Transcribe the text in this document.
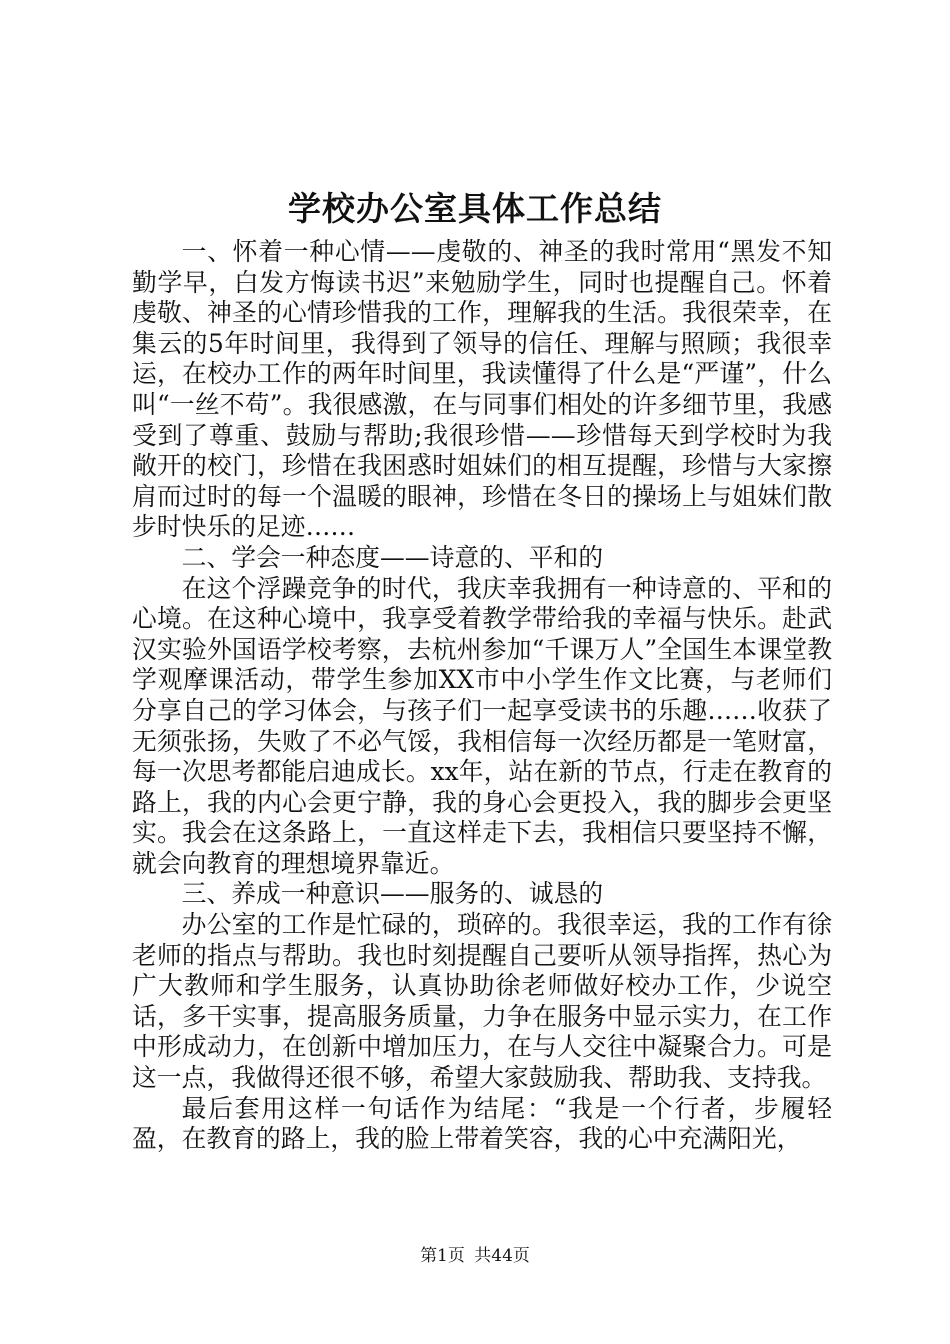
学校办公室具体工作总结

一、怀着一种心情——虔敬的、神圣的我时常用“黑发不知勤学早，白发方悔读书迟”来勉励学生，同时也提醒自己。怀着虔敬、神圣的心情珍惜我的工作，理解我的生活。我很荣幸，在集云的5年时间里，我得到了领导的信任、理解与照顾；我很幸运，在校办工作的两年时间里，我读懂得了什么是“严谨”，什么叫“一丝不苟”。我很感激，在与同事们相处的许多细节里，我感受到了尊重、鼓励与帮助;我很珍惜——珍惜每天到学校时为我敞开的校门，珍惜在我困惑时姐妹们的相互提醒，珍惜与大家擦肩而过时的每一个温暖的眼神，珍惜在冬日的操场上与姐妹们散步时快乐的足迹……

二、学会一种态度——诗意的、平和的

在这个浮躁竞争的时代，我庆幸我拥有一种诗意的、平和的心境。在这种心境中，我享受着教学带给我的幸福与快乐。赴武汉实验外国语学校考察，去杭州参加“千课万人”全国生本课堂教学观摩课活动，带学生参加XX市中小学生作文比赛，与老师们分享自己的学习体会，与孩子们一起享受读书的乐趣……收获了无须张扬，失败了不必气馁，我相信每一次经历都是一笔财富，每一次思考都能启迪成长。xx年，站在新的节点，行走在教育的路上，我的内心会更宁静，我的身心会更投入，我的脚步会更坚实。我会在这条路上，一直这样走下去，我相信只要坚持不懈，就会向教育的理想境界靠近。

三、养成一种意识——服务的、诚恳的

办公室的工作是忙碌的，琐碎的。我很幸运，我的工作有徐老师的指点与帮助。我也时刻提醒自己要听从领导指挥，热心为广大教师和学生服务，认真协助徐老师做好校办工作，少说空话，多干实事，提高服务质量，力争在服务中显示实力，在工作中形成动力，在创新中增加压力，在与人交往中凝聚合力。可是这一点，我做得还很不够，希望大家鼓励我、帮助我、支持我。

最后套用这样一句话作为结尾：“我是一个行者，步履轻盈，在教育的路上，我的脸上带着笑容，我的心中充满阳光，

第1页 共44页
